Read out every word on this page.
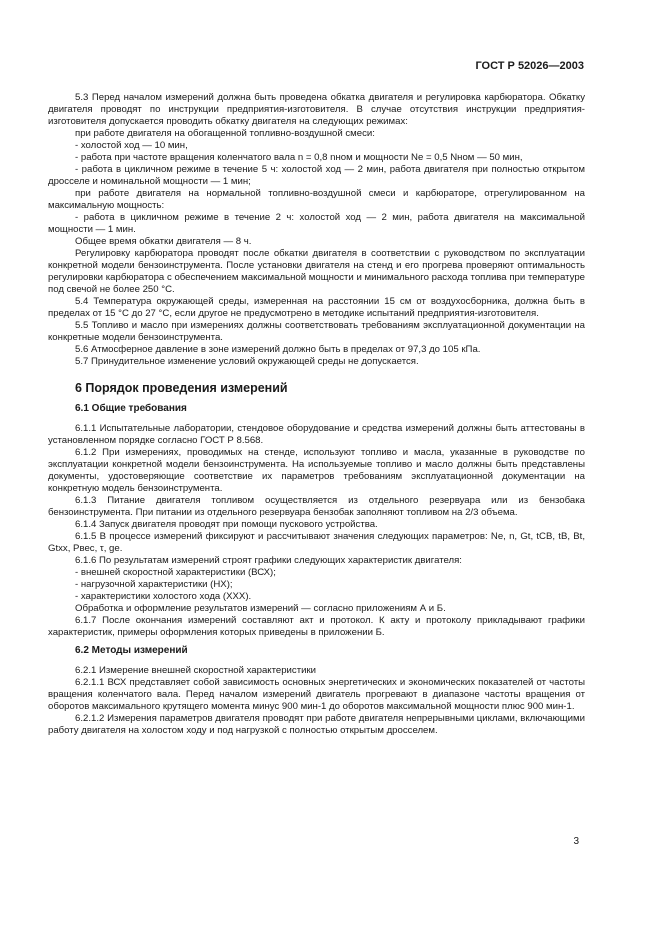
ГОСТ Р 52026—2003

5.3 Перед началом измерений должна быть проведена обкатка двигателя и регулировка карбюратора. Обкатку двигателя проводят по инструкции предприятия-изготовителя. В случае отсутствия инструкции предприятия-изготовителя допускается проводить обкатку двигателя на следующих режимах:

при работе двигателя на обогащенной топливно-воздушной смеси:

- холостой ход — 10 мин,

- работа при частоте вращения коленчатого вала n = 0,8 nном и мощности Ne = 0,5 Nном — 50 мин,

- работа в цикличном режиме в течение 5 ч: холостой ход — 2 мин, работа двигателя при полностью открытом дросселе и номинальной мощности — 1 мин;

при работе двигателя на нормальной топливно-воздушной смеси и карбюраторе, отрегулированном на максимальную мощность:

- работа в цикличном режиме в течение 2 ч: холостой ход — 2 мин, работа двигателя на максимальной мощности — 1 мин.

Общее время обкатки двигателя — 8 ч.

Регулировку карбюратора проводят после обкатки двигателя в соответствии с руководством по эксплуатации конкретной модели бензоинструмента. После установки двигателя на стенд и его прогрева проверяют оптимальность регулировки карбюратора с обеспечением максимальной мощности и минимального расхода топлива при температуре под свечой не более 250 °С.

5.4 Температура окружающей среды, измеренная на расстоянии 15 см от воздухосборника, должна быть в пределах от 15 °С до 27 °С, если другое не предусмотрено в методике испытаний предприятия-изготовителя.

5.5 Топливо и масло при измерениях должны соответствовать требованиям эксплуатационной документации на конкретные модели бензоинструмента.

5.6 Атмосферное давление в зоне измерений должно быть в пределах от 97,3 до 105 кПа.

5.7 Принудительное изменение условий окружающей среды не допускается.

6 Порядок проведения измерений

6.1 Общие требования

6.1.1 Испытательные лаборатории, стендовое оборудование и средства измерений должны быть аттестованы в установленном порядке согласно ГОСТ Р 8.568.

6.1.2 При измерениях, проводимых на стенде, используют топливо и масла, указанные в руководстве по эксплуатации конкретной модели бензоинструмента. На используемые топливо и масло должны быть представлены документы, удостоверяющие соответствие их параметров требованиям эксплуатационной документации на конкретную модель бензоинструмента.

6.1.3 Питание двигателя топливом осуществляется из отдельного резервуара или из бензобака бензоинструмента. При питании из отдельного резервуара бензобак заполняют топливом на 2/3 объема.

6.1.4 Запуск двигателя проводят при помощи пускового устройства.

6.1.5 В процессе измерений фиксируют и рассчитывают значения следующих параметров: Ne, n, Gt, tСВ, tB, Bt, Gtxx, Pвес, τ, ge.

6.1.6 По результатам измерений строят графики следующих характеристик двигателя:

- внешней скоростной характеристики (ВСХ);

- нагрузочной характеристики (НХ);

- характеристики холостого хода (XXX).

Обработка и оформление результатов измерений — согласно приложениям А и Б.

6.1.7 После окончания измерений составляют акт и протокол. К акту и протоколу прикладывают графики характеристик, примеры оформления которых приведены в приложении Б.

6.2 Методы измерений

6.2.1 Измерение внешней скоростной характеристики

6.2.1.1 ВСХ представляет собой зависимость основных энергетических и экономических показателей от частоты вращения коленчатого вала. Перед началом измерений двигатель прогревают в диапазоне частоты вращения от оборотов максимального крутящего момента минус 900 мин-1 до оборотов максимальной мощности плюс 900 мин-1.

6.2.1.2 Измерения параметров двигателя проводят при работе двигателя непрерывными циклами, включающими работу двигателя на холостом ходу и под нагрузкой с полностью открытым дросселем.

3
